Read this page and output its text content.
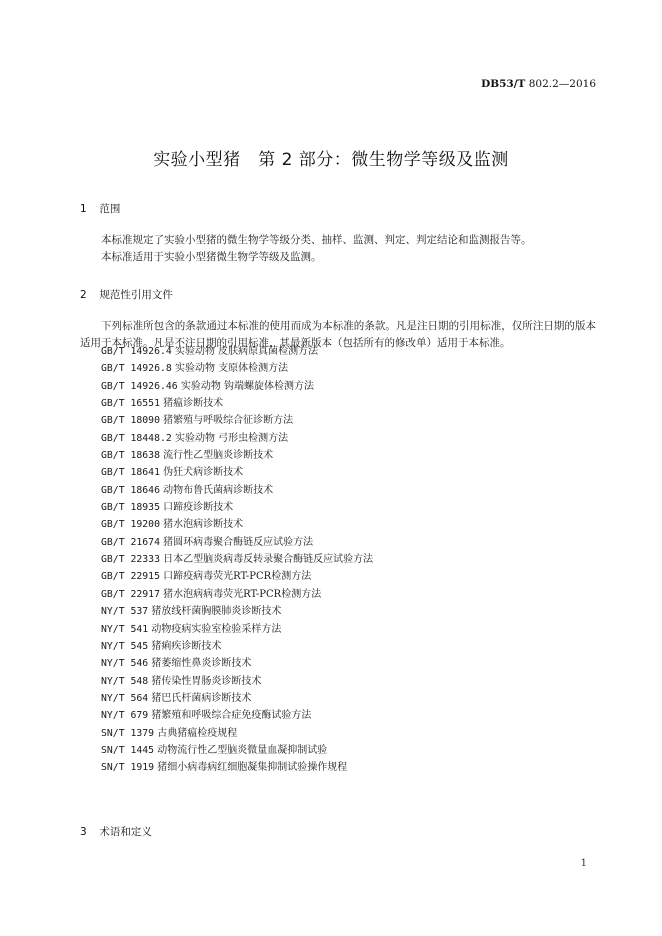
DB53/T 802.2—2016
实验小型猪　第 2 部分：微生物学等级及监测
1 范围

本标准规定了实验小型猪的微生物学等级分类、抽样、监测、判定、判定结论和监测报告等。

本标准适用于实验小型猪微生物学等级及监测。

2 规范性引用文件

下列标准所包含的条款通过本标准的使用而成为本标准的条款。凡是注日期的引用标准，仅所注日期的版本适用于本标准。凡是不注日期的引用标准，其最新版本（包括所有的修改单）适用于本标准。

GB/T 14926.4 实验动物 皮肤病原真菌检测方法
GB/T 14926.8 实验动物 支原体检测方法
GB/T 14926.46 实验动物 钩端螺旋体检测方法
GB/T 16551 猪瘟诊断技术
GB/T 18090 猪繁殖与呼吸综合征诊断方法
GB/T 18448.2 实验动物 弓形虫检测方法
GB/T 18638 流行性乙型脑炎诊断技术
GB/T 18641 伪狂犬病诊断技术
GB/T 18646 动物布鲁氏菌病诊断技术
GB/T 18935 口蹄疫诊断技术
GB/T 19200 猪水泡病诊断技术
GB/T 21674 猪圆环病毒聚合酶链反应试验方法
GB/T 22333 日本乙型脑炎病毒反转录聚合酶链反应试验方法
GB/T 22915 口蹄疫病毒荧光RT-PCR检测方法
GB/T 22917 猪水泡病病毒荧光RT-PCR检测方法
NY/T 537 猪放线杆菌胸膜肺炎诊断技术
NY/T 541 动物疫病实验室检验采样方法
NY/T 545 猪痢疾诊断技术
NY/T 546 猪萎缩性鼻炎诊断技术
NY/T 548 猪传染性胃肠炎诊断技术
NY/T 564 猪巴氏杆菌病诊断技术
NY/T 679 猪繁殖和呼吸综合症免疫酶试验方法
SN/T 1379 古典猪瘟检疫规程
SN/T 1445 动物流行性乙型脑炎微量血凝抑制试验
SN/T 1919 猪细小病毒病红细胞凝集抑制试验操作规程
3 术语和定义
1
